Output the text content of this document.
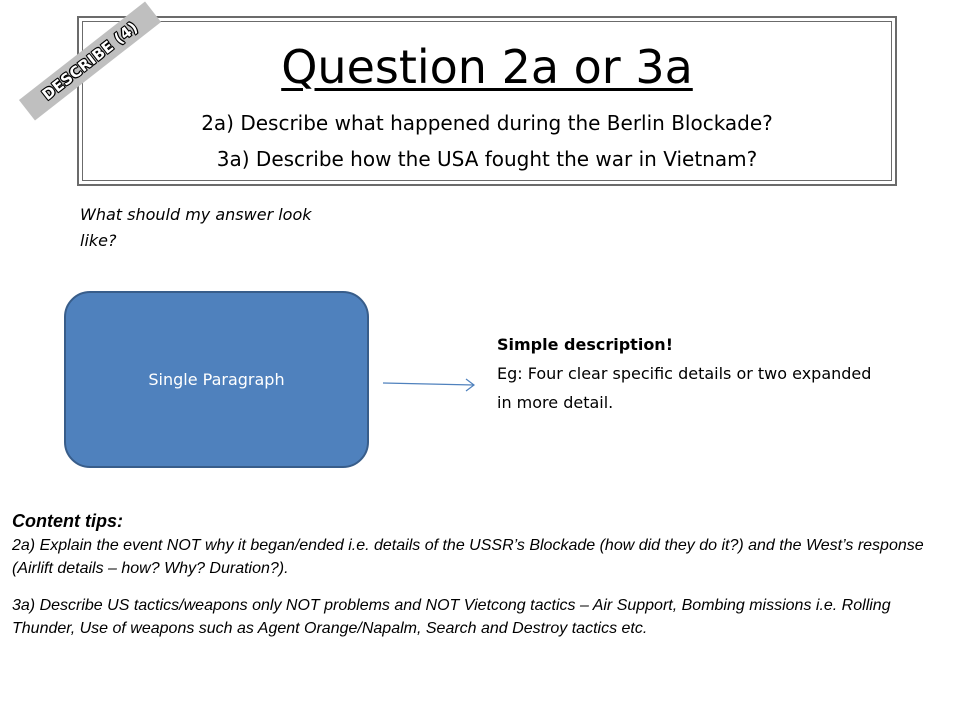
Question 2a or 3a
2a) Describe what happened during the Berlin Blockade?
3a) Describe how the USA fought the war in Vietnam?
DESCRIBE (4)
What should my answer look like?
Single Paragraph
Simple description!
Eg: Four clear specific details or two expanded in more detail.
Content tips:
2a) Explain the event NOT why it began/ended i.e. details of the USSR’s Blockade (how did they do it?) and the West’s response (Airlift details – how? Why? Duration?).
3a) Describe US tactics/weapons only NOT problems and NOT Vietcong tactics – Air Support, Bombing missions i.e. Rolling Thunder, Use of weapons such as Agent Orange/Napalm, Search and Destroy tactics etc.
